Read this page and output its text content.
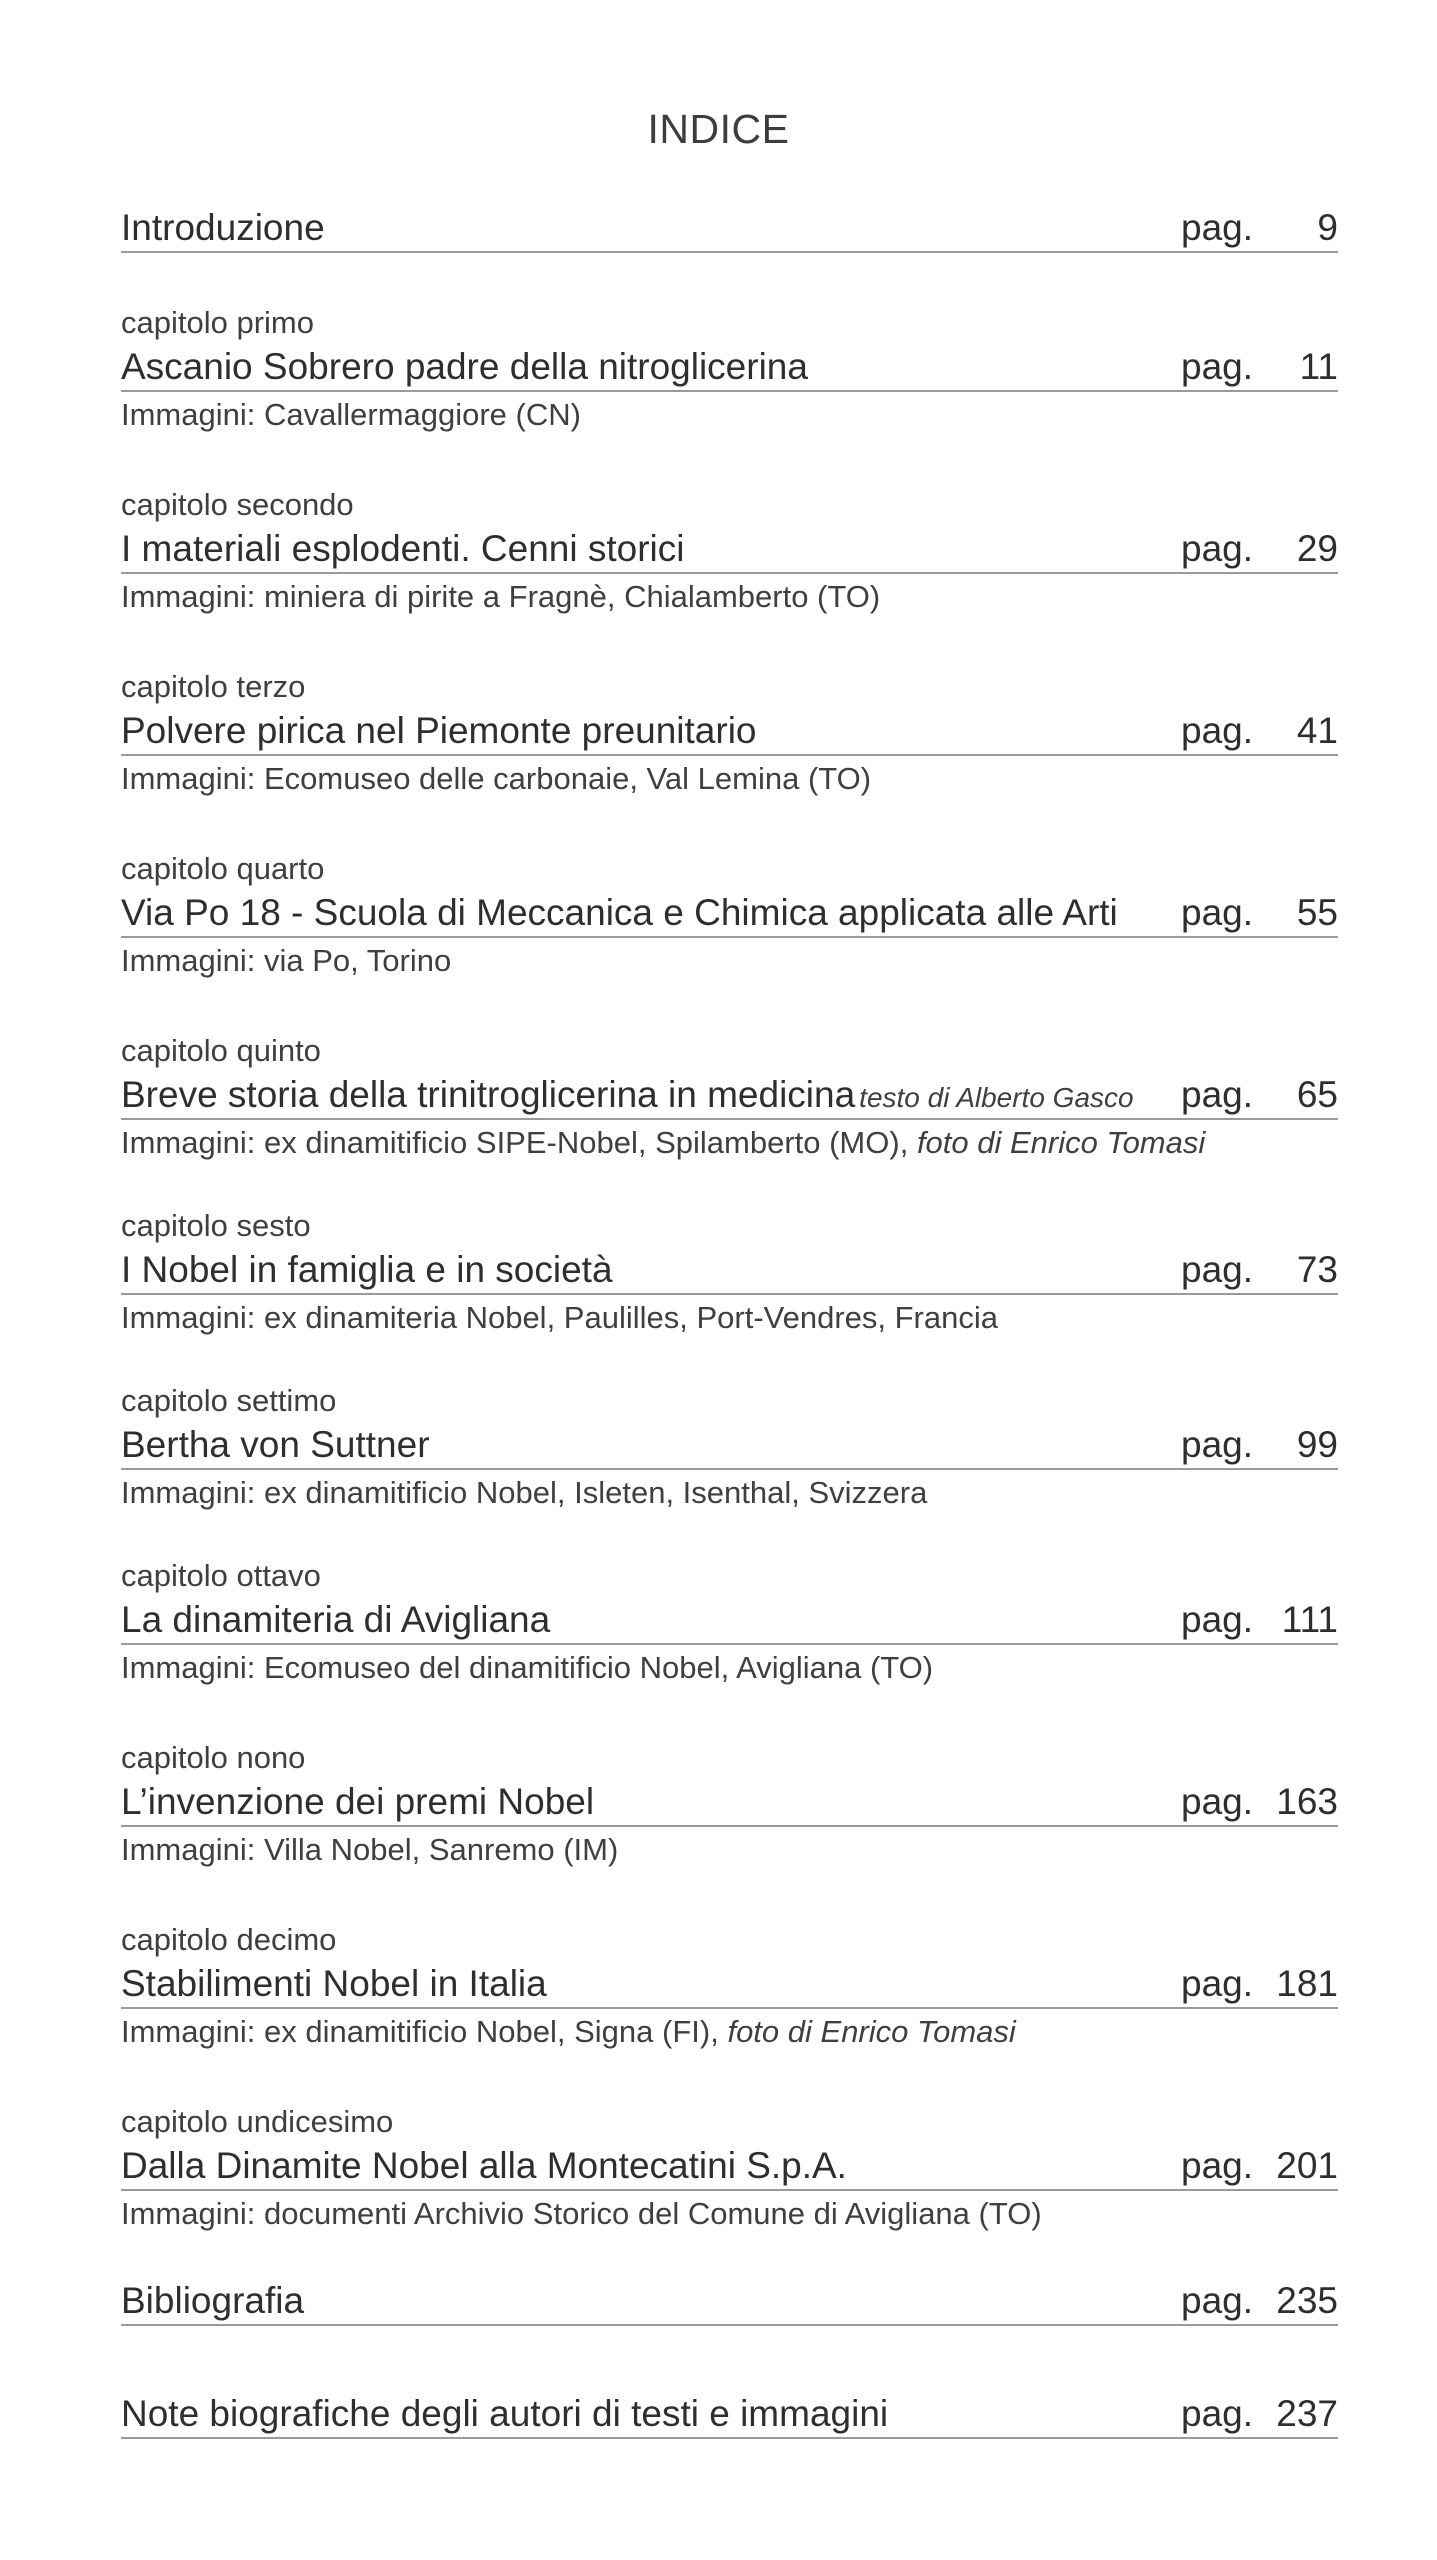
INDICE
Introduzione	pag. 9
capitolo primo
Ascanio Sobrero padre della nitroglicerina	pag. 11
Immagini: Cavallermaggiore (CN)
capitolo secondo
I materiali esplodenti. Cenni storici	pag. 29
Immagini: miniera di pirite a Fragnè, Chialamberto (TO)
capitolo terzo
Polvere pirica nel Piemonte preunitario	pag. 41
Immagini: Ecomuseo delle carbonaie, Val Lemina (TO)
capitolo quarto
Via Po 18 - Scuola di Meccanica e Chimica applicata alle Arti pag. 55
Immagini: via Po, Torino
capitolo quinto
Breve storia della trinitroglicerina in medicina testo di Alberto Gasco pag. 65
Immagini: ex dinamitificio SIPE-Nobel, Spilamberto (MO), foto di Enrico Tomasi
capitolo sesto
I Nobel in famiglia e in società	pag. 73
Immagini: ex dinamiteria Nobel, Paulilles, Port-Vendres, Francia
capitolo settimo
Bertha von Suttner	pag. 99
Immagini: ex dinamitificio Nobel, Isleten, Isenthal, Svizzera
capitolo ottavo
La dinamiteria di Avigliana	pag. 111
Immagini: Ecomuseo del dinamitificio Nobel, Avigliana (TO)
capitolo nono
L’invenzione dei premi Nobel	pag. 163
Immagini: Villa Nobel, Sanremo (IM)
capitolo decimo
Stabilimenti Nobel in Italia	pag. 181
Immagini: ex dinamitificio Nobel, Signa (FI), foto di Enrico Tomasi
capitolo undicesimo
Dalla Dinamite Nobel alla Montecatini S.p.A.	pag. 201
Immagini: documenti Archivio Storico del Comune di Avigliana (TO)
Bibliografia	pag. 235
Note biografiche degli autori di testi e immagini	pag. 237
